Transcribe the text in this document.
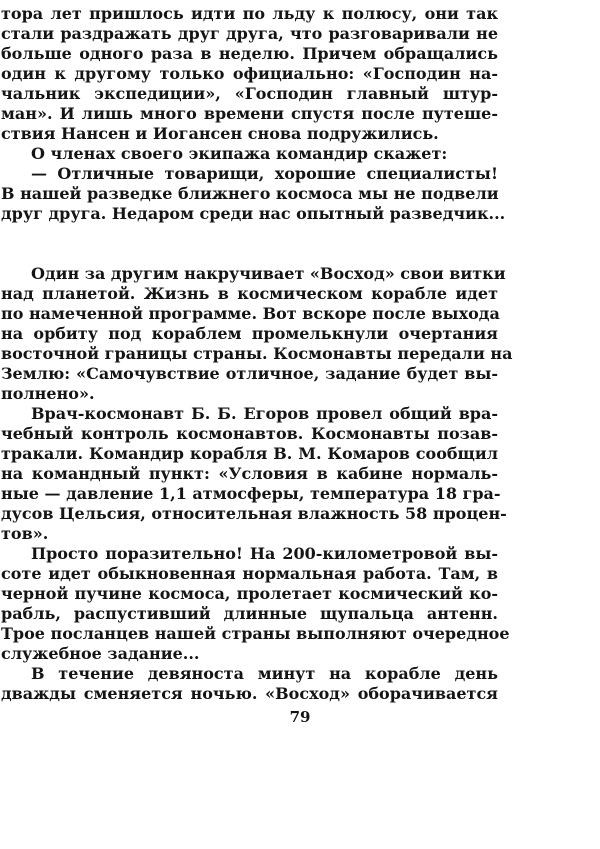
тора лет пришлось идти по льду к полюсу, они так
стали раздражать друг друга, что разговаривали не
больше одного раза в неделю. Причем обращались
один к другому только официально: «Господин на-
чальник экспедиции», «Господин главный штур-
ман». И лишь много времени спустя после путеше-
ствия Нансен и Иогансен снова подружились.
О членах своего экипажа командир скажет:
— Отличные товарищи, хорошие специалисты!
В нашей разведке ближнего космоса мы не подвели
друг друга. Недаром среди нас опытный разведчик...
Один за другим накручивает «Восход» свои витки
над планетой. Жизнь в космическом корабле идет
по намеченной программе. Вот вскоре после выхода
на орбиту под кораблем промелькнули очертания
восточной границы страны. Космонавты передали на
Землю: «Самочувствие отличное, задание будет вы-
полнено».
Врач-космонавт Б. Б. Егоров провел общий вра-
чебный контроль космонавтов. Космонавты позав-
тракали. Командир корабля В. М. Комаров сообщил
на командный пункт: «Условия в кабине нормаль-
ные — давление 1,1 атмосферы, температура 18 гра-
дусов Цельсия, относительная влажность 58 процен-
тов».
Просто поразительно! На 200-километровой вы-
соте идет обыкновенная нормальная работа. Там, в
черной пучине космоса, пролетает космический ко-
рабль, распустивший длинные щупальца антенн.
Трое посланцев нашей страны выполняют очередное
служебное задание...
В течение девяноста минут на корабле день
дважды сменяется ночью. «Восход» оборачивается
79
